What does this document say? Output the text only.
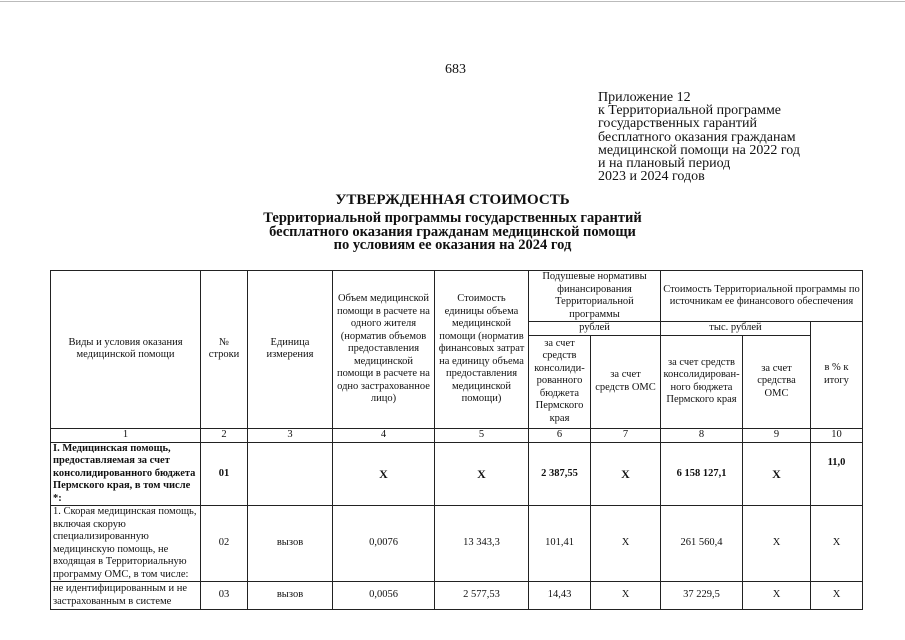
683
Приложение 12
к Территориальной программе
государственных гарантий
бесплатного оказания гражданам
медицинской помощи на 2022 год
и на плановый период
2023 и 2024 годов
УТВЕРЖДЕННАЯ СТОИМОСТЬ
Территориальной программы государственных гарантий
бесплатного оказания гражданам медицинской помощи
по условиям ее оказания на 2024 год
Виды и условия оказания медицинской помощи	№ строки	Единица измерения	Объем медицинской помощи в расчете на одного жителя (норматив объемов предоставления медицинской помощи в расчете на одно застрахованное лицо)	Стоимость единицы объема медицинской помощи (норматив финансовых затрат на единицу объема предоставления медицинской помощи)	Подушевые нормативы финансирования Территориальной программы		Стоимость Территориальной программы по источникам ее финансового обеспечения		
					рублей		тыс. рублей		в % к итогу
					за счет средств консолиди- рованного бюджета Пермского края	за счет средств ОМС	за счет средств консолидирован- ного бюджета Пермского края	за счет средства ОМС	
1	2	3	4	5	6	7	8	9	10
I. Медицинская помощь, предоставляемая за счет консолидированного бюджета Пермского края, в том числе *:	01		X	X	2 387,55	X	6 158 127,1	X	11,0
1. Скорая медицинская помощь, включая скорую специализированную медицинскую помощь, не входящая в Территориальную программу ОМС, в том числе:	02	вызов	0,0076	13 343,3	101,41	X	261 560,4	X	X
не идентифицированным и не застрахованным в системе	03	вызов	0,0056	2 577,53	14,43	X	37 229,5	X	X
